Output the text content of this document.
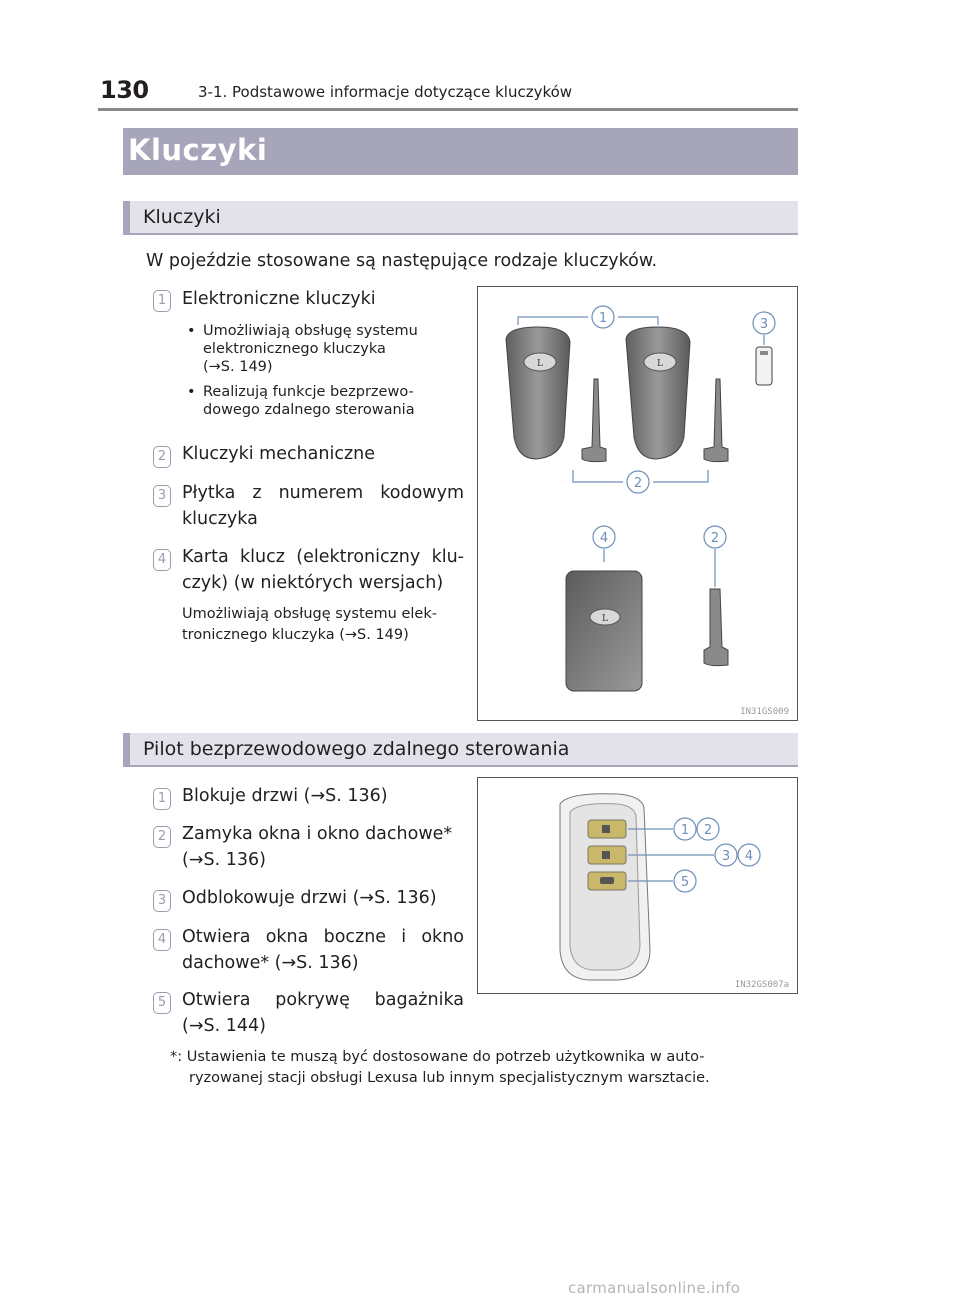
130	3-1. Podstawowe informacje dotyczące kluczyków
Kluczyki
Kluczyki
W pojeździe stosowane są następujące rodzaje kluczyków.
1 Elektroniczne kluczyki
• Umożliwiają obsługę systemu
elektronicznego kluczyka
(→S. 149)
• Realizują funkcje bezprzewo-
dowego zdalnego sterowania
2 Kluczyki mechaniczne
3 Płytka z numerem kodowym
kluczyka
4 Karta klucz (elektroniczny klu-
czyk) (w niektórych wersjach)
Umożliwiają obsługę systemu elek-
tronicznego kluczyka (→S. 149)
L	L
L
1
2
3
4	2
IN31GS009
Pilot bezprzewodowego zdalnego sterowania
1 Blokuje drzwi (→S. 136)
2 Zamyka okna i okno dachowe*
(→S. 136)
3 Odblokowuje drzwi (→S. 136)
4 Otwiera okna boczne i okno
dachowe* (→S. 136)
5 Otwiera pokrywę bagażnika
(→S. 144)
1 2
3 4
5
IN32GS007a
*: Ustawienia te muszą być dostosowane do potrzeb użytkownika w auto-
ryzowanej stacji obsługi Lexusa lub innym specjalistycznym warsztacie.
carmanualsonline.info
